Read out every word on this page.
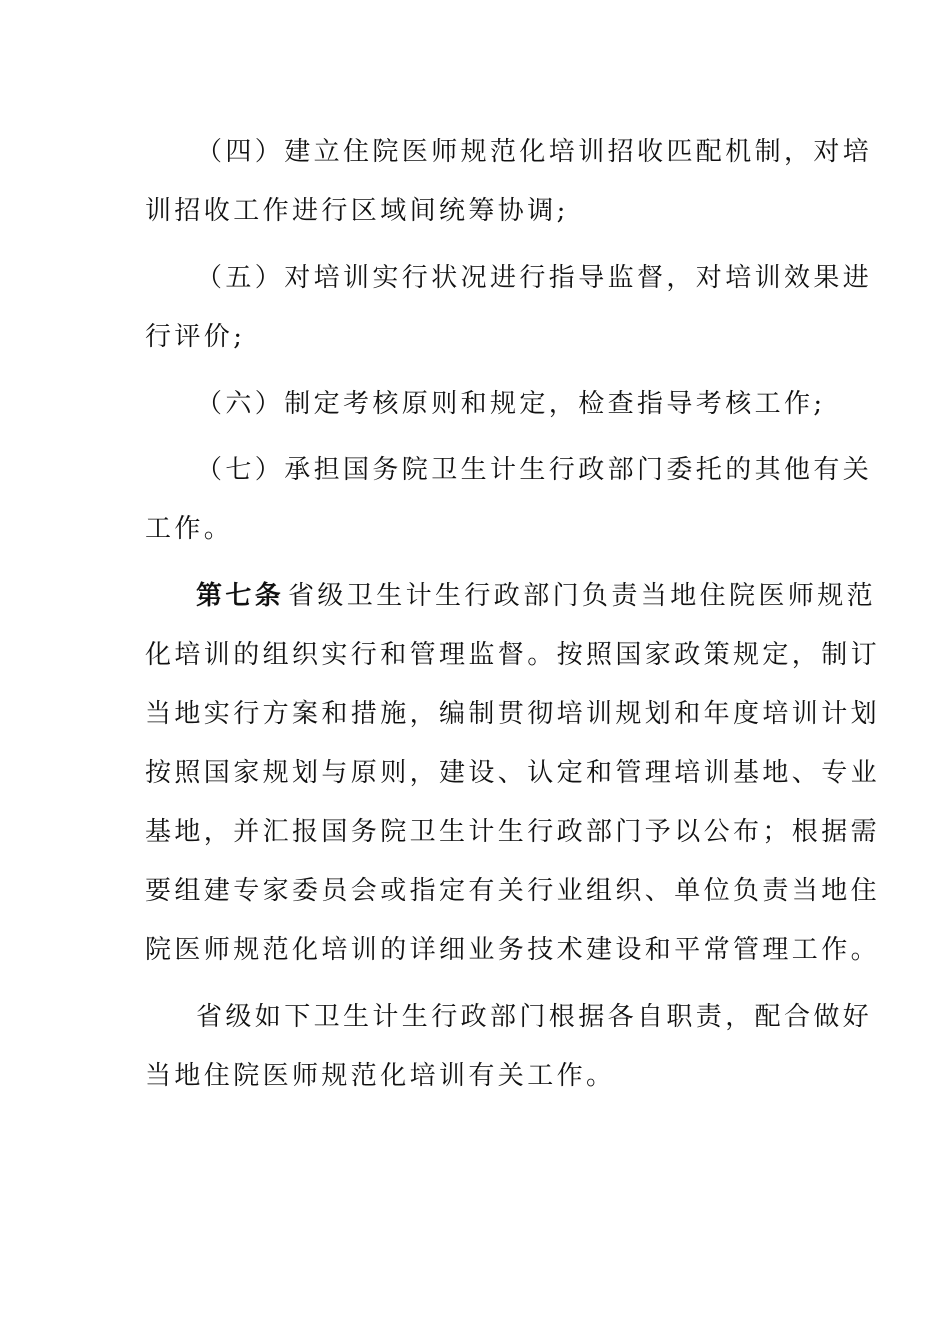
（四）建立住院医师规范化培训招收匹配机制，对培
训招收工作进行区域间统筹协调;
（五）对培训实行状况进行指导监督，对培训效果进
行评价;
（六）制定考核原则和规定，检查指导考核工作;
（七）承担国务院卫生计生行政部门委托的其他有关
工作。
第七条 省级卫生计生行政部门负责当地住院医师规范
化培训的组织实行和管理监督。按照国家政策规定，制订
当地实行方案和措施，编制贯彻培训规划和年度培训计划
按照国家规划与原则，建设、认定和管理培训基地、专业
基地，并汇报国务院卫生计生行政部门予以公布；根据需
要组建专家委员会或指定有关行业组织、单位负责当地住
院医师规范化培训的详细业务技术建设和平常管理工作。
省级如下卫生计生行政部门根据各自职责，配合做好
当地住院医师规范化培训有关工作。
